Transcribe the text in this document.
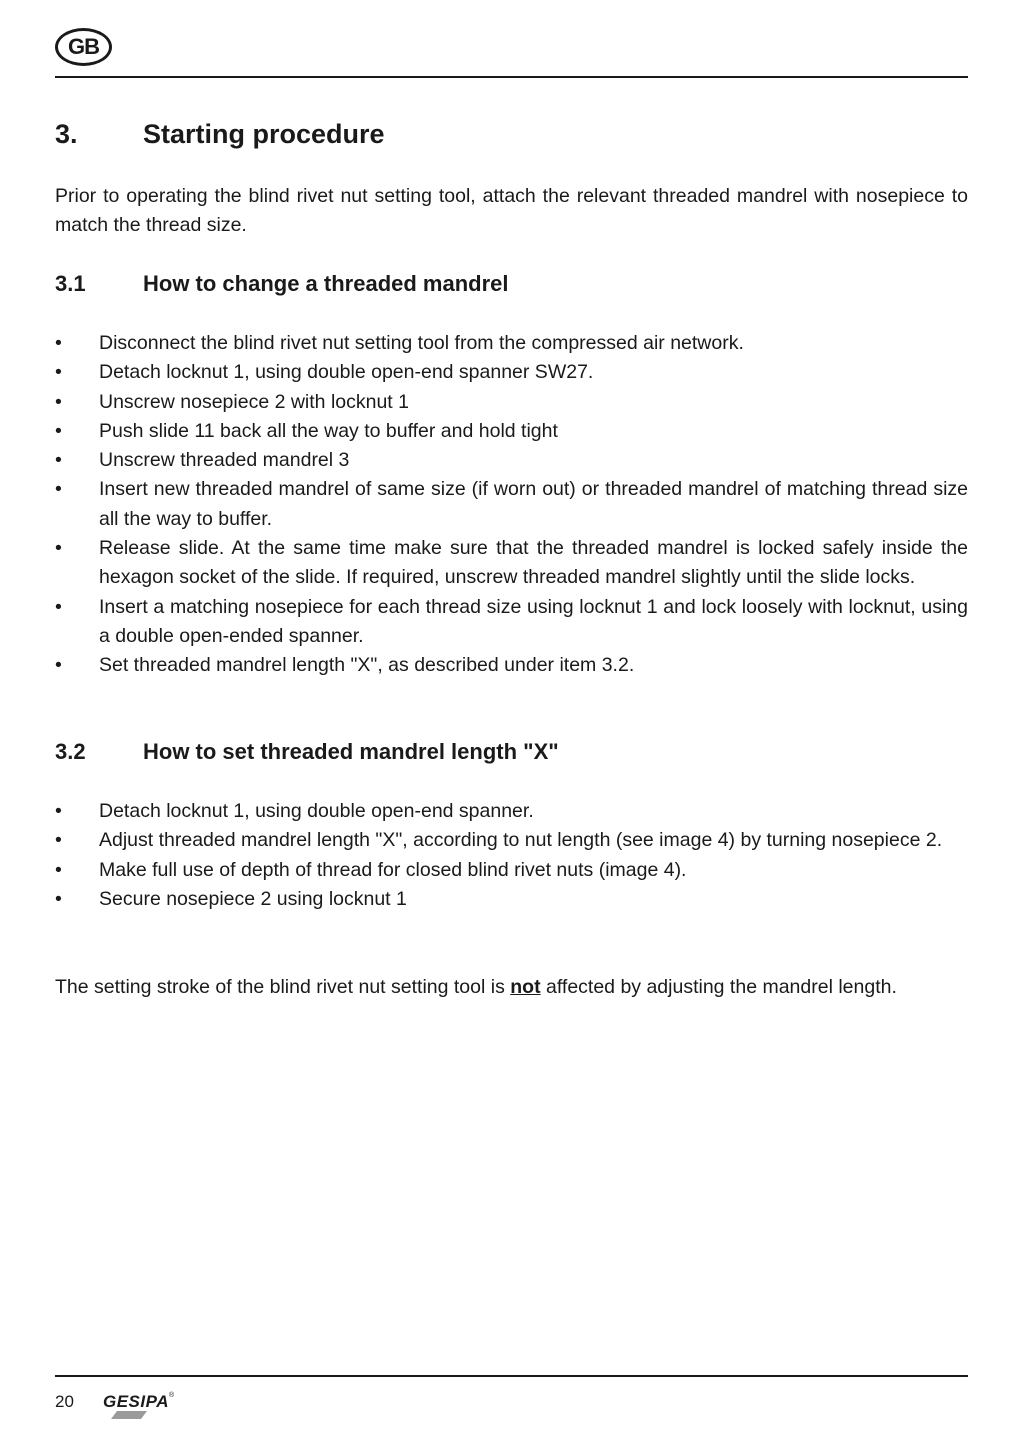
GB
3. Starting procedure

Prior to operating the blind rivet nut setting tool, attach the relevant threaded mandrel with nosepiece to match the thread size.

3.1	How to change a threaded mandrel
• Disconnect the blind rivet nut setting tool from the compressed air network.
• Detach locknut 1, using double open-end spanner SW27.
• Unscrew nosepiece 2 with locknut 1
• Push slide 11 back all the way to buffer and hold tight
• Unscrew threaded mandrel 3
• Insert new threaded mandrel of same size (if worn out) or threaded mandrel of matching thread size all the way to buffer.
• Release slide. At the same time make sure that the threaded mandrel is locked safely inside the hexagon socket of the slide. If required, unscrew threaded mandrel slightly until the slide locks.
• Insert a matching nosepiece for each thread size using locknut 1 and lock loosely with locknut, using a double open-ended spanner.
• Set threaded mandrel length "X", as described under item 3.2.
3.2	How to set threaded mandrel length "X"
• Detach locknut 1, using double open-end spanner.
• Adjust threaded mandrel length "X", according to nut length (see image 4) by turning nosepiece 2.
• Make full use of depth of thread for closed blind rivet nuts (image 4).
• Secure nosepiece 2 using locknut 1

The setting stroke of the blind rivet nut setting tool is not affected by adjusting the mandrel length.

20 GESIPA®
